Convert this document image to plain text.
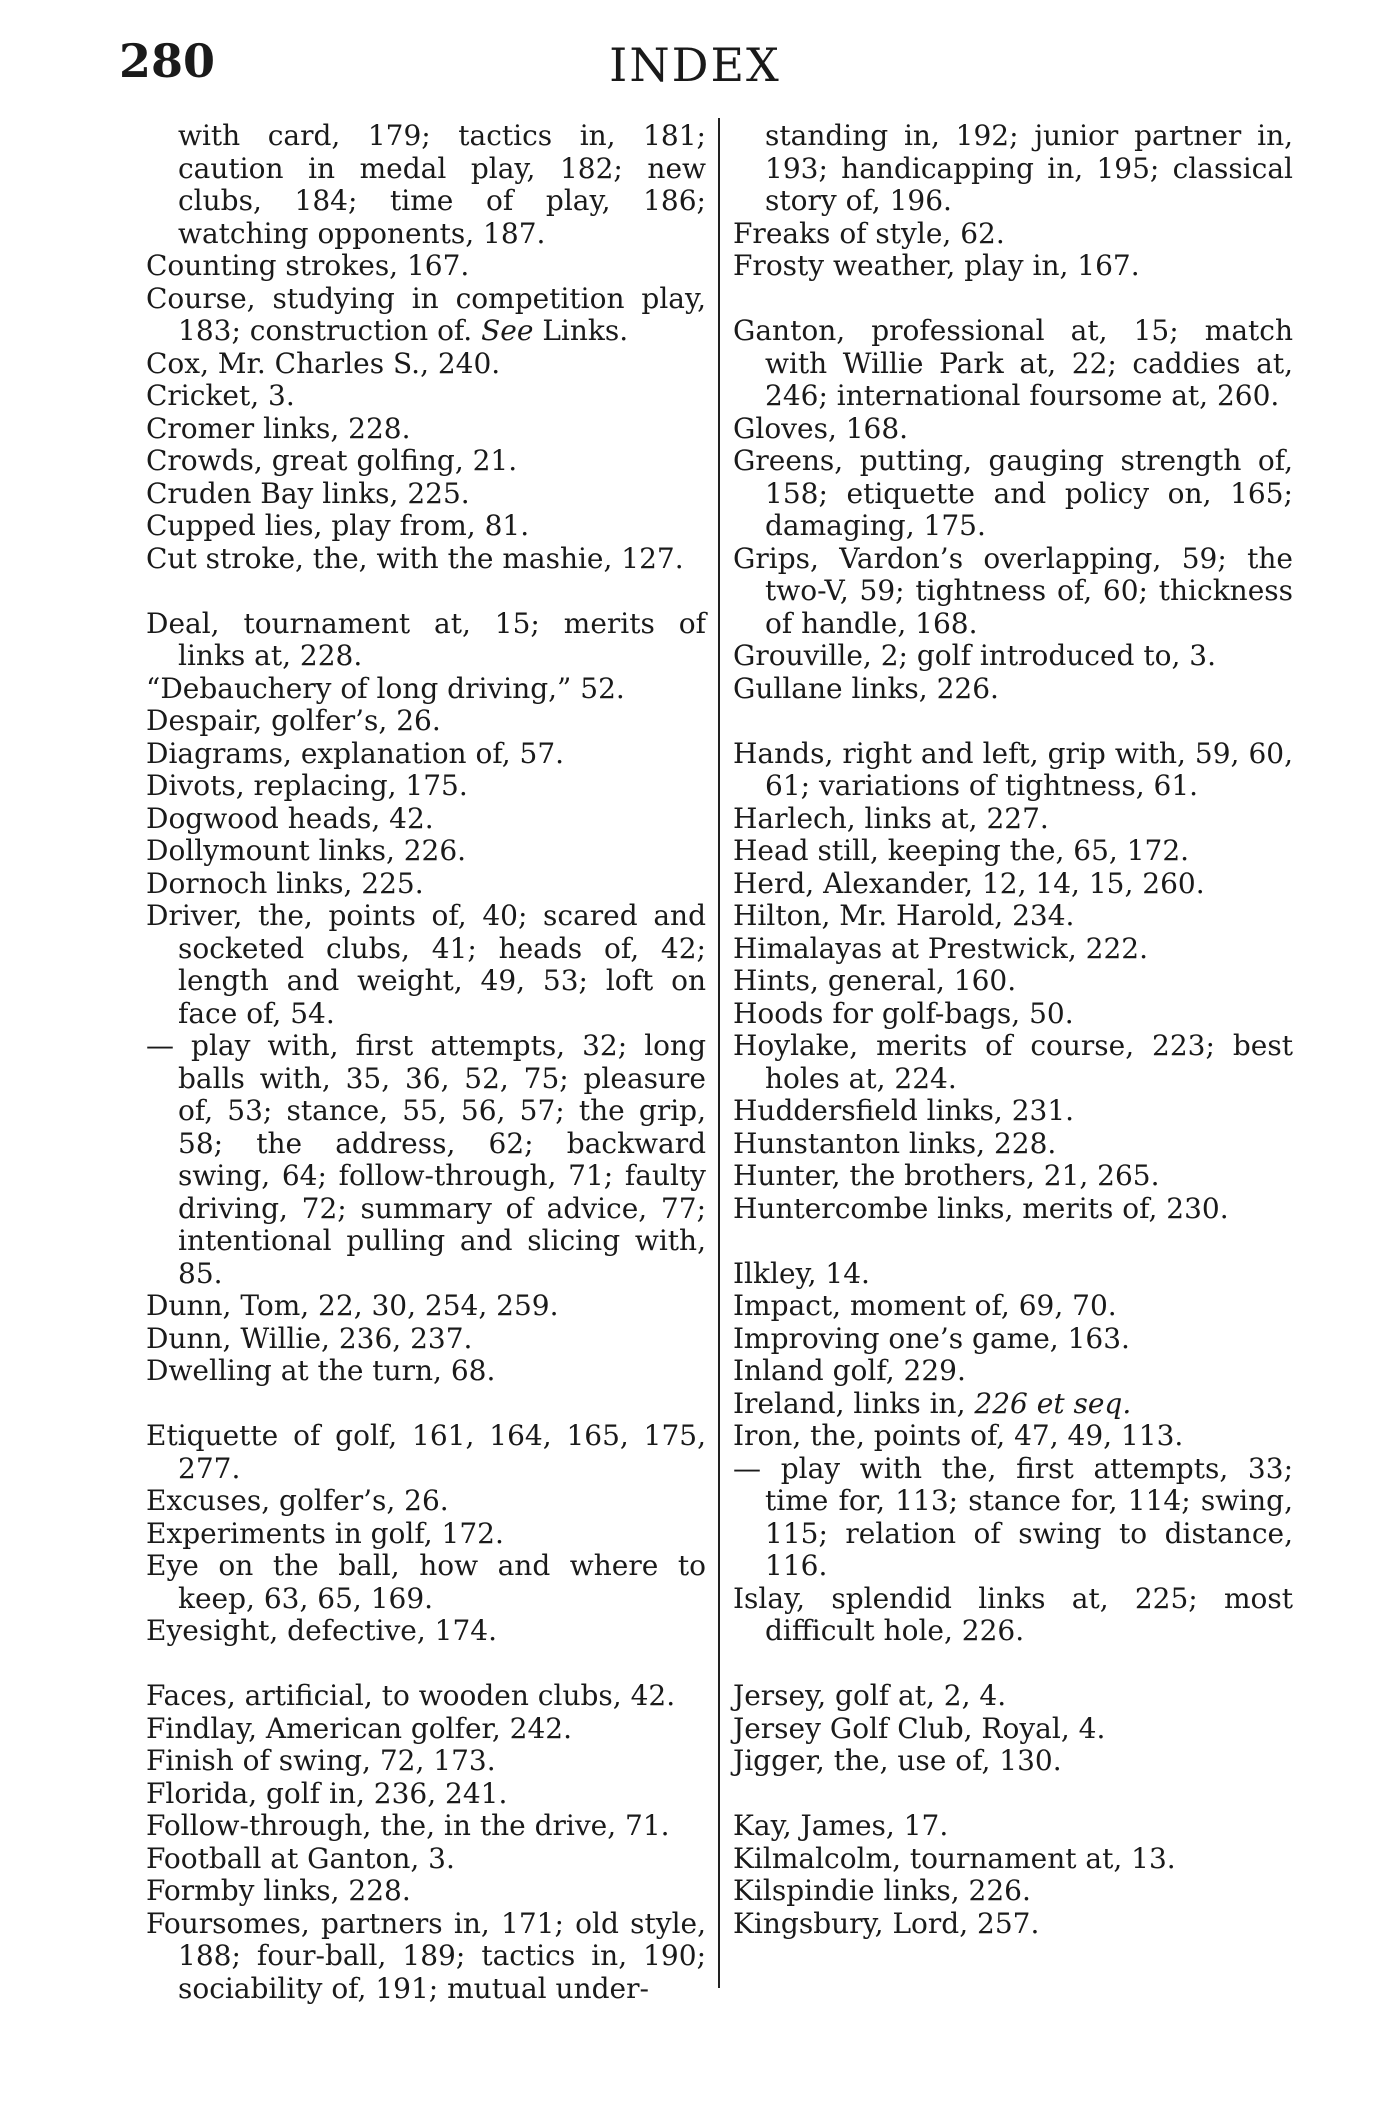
280	INDEX

with card, 179; tactics in, 181; caution in medal play, 182; new clubs, 184; time of play, 186; watching opponents, 187.

Counting strokes, 167.

Course, studying in competition play, 183; construction of. See Links.

Cox, Mr. Charles S., 240.

Cricket, 3.

Cromer links, 228.

Crowds, great golfing, 21.

Cruden Bay links, 225.

Cupped lies, play from, 81.

Cut stroke, the, with the mashie, 127.

Deal, tournament at, 15; merits of links at, 228.

“Debauchery of long driving,” 52.

Despair, golfer’s, 26.

Diagrams, explanation of, 57.

Divots, replacing, 175.

Dogwood heads, 42.

Dollymount links, 226.

Dornoch links, 225.

Driver, the, points of, 40; scared and socketed clubs, 41; heads of, 42; length and weight, 49, 53; loft on face of, 54.

— play with, first attempts, 32; long balls with, 35, 36, 52, 75; pleasure of, 53; stance, 55, 56, 57; the grip, 58; the address, 62; backward swing, 64; follow-through, 71; faulty driving, 72; summary of advice, 77; intentional pulling and slicing with, 85.

Dunn, Tom, 22, 30, 254, 259.

Dunn, Willie, 236, 237.

Dwelling at the turn, 68.

Etiquette of golf, 161, 164, 165, 175, 277.

Excuses, golfer’s, 26.

Experiments in golf, 172.

Eye on the ball, how and where to keep, 63, 65, 169.

Eyesight, defective, 174.

Faces, artificial, to wooden clubs, 42.

Findlay, American golfer, 242.

Finish of swing, 72, 173.

Florida, golf in, 236, 241.

Follow-through, the, in the drive, 71.

Football at Ganton, 3.

Formby links, 228.

Foursomes, partners in, 171; old style, 188; four-ball, 189; tactics in, 190; sociability of, 191; mutual under-

standing in, 192; junior partner in, 193; handicapping in, 195; classical story of, 196.

Freaks of style, 62.

Frosty weather, play in, 167.

Ganton, professional at, 15; match with Willie Park at, 22; caddies at, 246; international foursome at, 260.

Gloves, 168.

Greens, putting, gauging strength of, 158; etiquette and policy on, 165; damaging, 175.

Grips, Vardon’s overlapping, 59; the two-V, 59; tightness of, 60; thickness of handle, 168.

Grouville, 2; golf introduced to, 3.

Gullane links, 226.

Hands, right and left, grip with, 59, 60, 61; variations of tightness, 61.

Harlech, links at, 227.

Head still, keeping the, 65, 172.

Herd, Alexander, 12, 14, 15, 260.

Hilton, Mr. Harold, 234.

Himalayas at Prestwick, 222.

Hints, general, 160.

Hoods for golf-bags, 50.

Hoylake, merits of course, 223; best holes at, 224.

Huddersfield links, 231.

Hunstanton links, 228.

Hunter, the brothers, 21, 265.

Huntercombe links, merits of, 230.

Ilkley, 14.

Impact, moment of, 69, 70.

Improving one’s game, 163.

Inland golf, 229.

Ireland, links in, 226 et seq.

Iron, the, points of, 47, 49, 113.

— play with the, first attempts, 33; time for, 113; stance for, 114; swing, 115; relation of swing to distance, 116.

Islay, splendid links at, 225; most difficult hole, 226.

Jersey, golf at, 2, 4.

Jersey Golf Club, Royal, 4.

Jigger, the, use of, 130.

Kay, James, 17.

Kilmalcolm, tournament at, 13.

Kilspindie links, 226.

Kingsbury, Lord, 257.
